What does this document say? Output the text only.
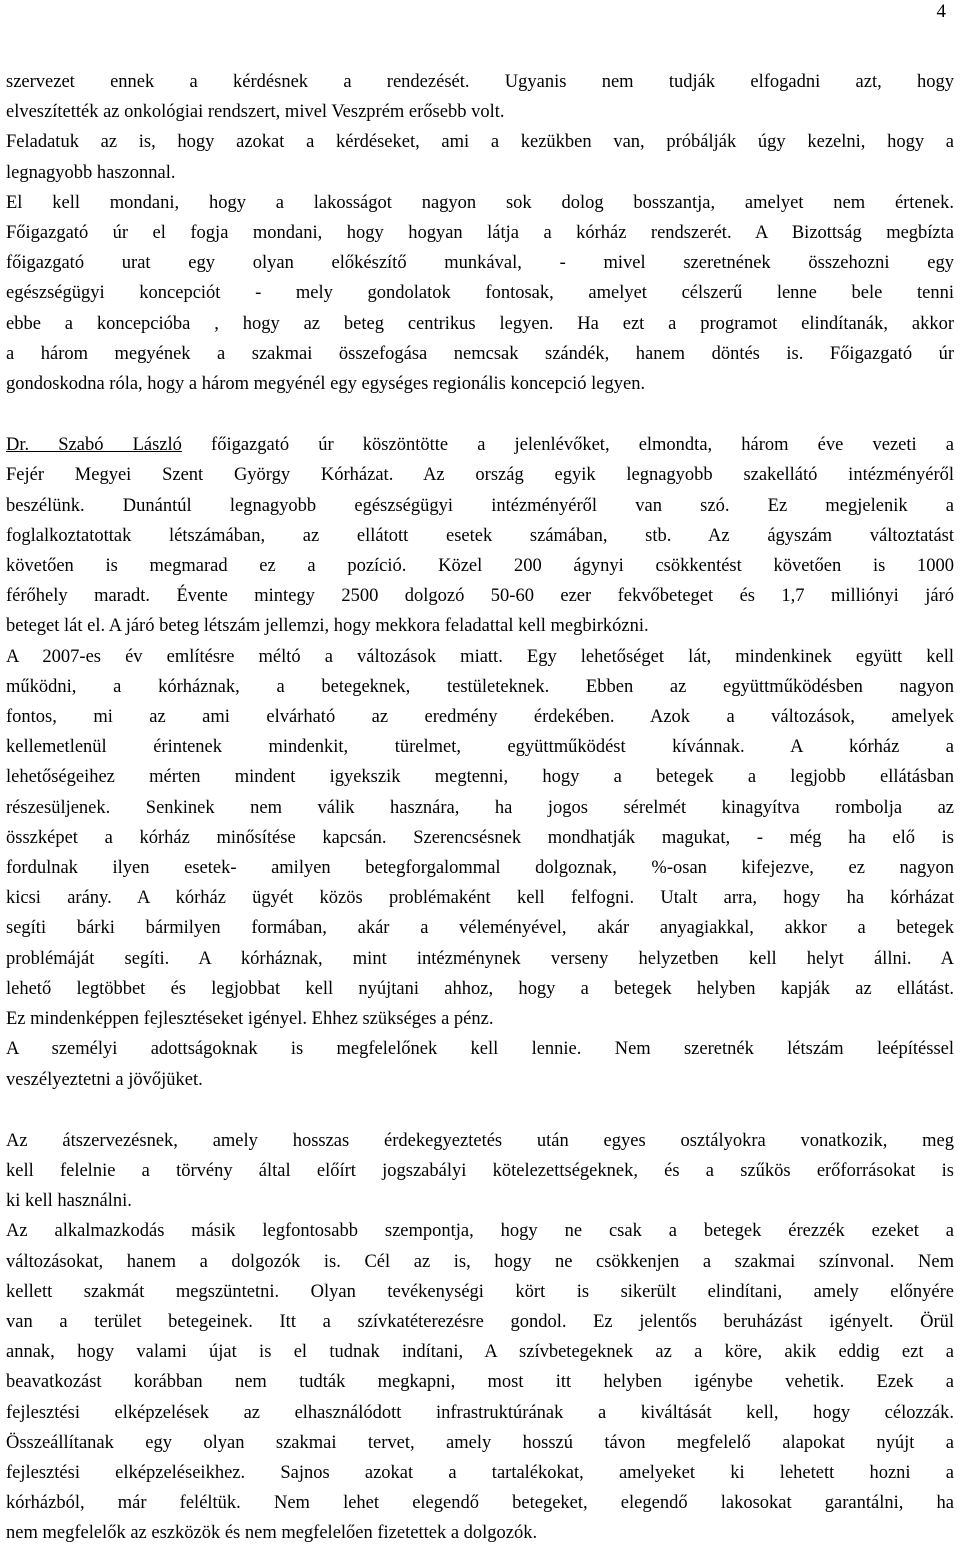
4
szervezet ennek a kérdésnek a rendezését. Ugyanis nem tudják elfogadni azt, hogy
elveszítették az onkológiai rendszert, mivel Veszprém erősebb volt.
Feladatuk az is, hogy azokat a kérdéseket, ami a kezükben van, próbálják úgy kezelni, hogy a
legnagyobb haszonnal.
El kell mondani, hogy a lakosságot nagyon sok dolog bosszantja, amelyet nem értenek.
Főigazgató úr el fogja mondani, hogy hogyan látja a kórház rendszerét. A Bizottság megbízta
főigazgató urat egy olyan előkészítő munkával, - mivel szeretnének összehozni egy
egészségügyi koncepciót - mely gondolatok fontosak, amelyet célszerű lenne bele tenni
ebbe a koncepcióba , hogy az beteg centrikus legyen. Ha ezt a programot elindítanák, akkor
a három megyének a szakmai összefogása nemcsak szándék, hanem döntés is. Főigazgató úr
gondoskodna róla, hogy a három megyénél egy egységes regionális koncepció legyen.
Dr. Szabó László főigazgató úr köszöntötte a jelenlévőket, elmondta, három éve vezeti a
Fejér Megyei Szent György Kórházat. Az ország egyik legnagyobb szakellátó intézményéről
beszélünk. Dunántúl legnagyobb egészségügyi intézményéről van szó. Ez megjelenik a
foglalkoztatottak létszámában, az ellátott esetek számában, stb. Az ágyszám változtatást
követően is megmarad ez a pozíció. Közel 200 ágynyi csökkentést követően is 1000
férőhely maradt. Évente mintegy 2500 dolgozó 50-60 ezer fekvőbeteget és 1,7 milliónyi járó
beteget lát el. A járó beteg létszám jellemzi, hogy mekkora feladattal kell megbirkózni.
A 2007-es év említésre méltó a változások miatt. Egy lehetőséget lát, mindenkinek együtt kell
működni, a kórháznak, a betegeknek, testületeknek. Ebben az együttműködésben nagyon
fontos, mi az ami elvárható az eredmény érdekében. Azok a változások, amelyek
kellemetlenül érintenek mindenkit, türelmet, együttműködést kívánnak. A kórház a
lehetőségeihez mérten mindent igyekszik megtenni, hogy a betegek a legjobb ellátásban
részesüljenek. Senkinek nem válik hasznára, ha jogos sérelmét kinagyítva rombolja az
összképet a kórház minősítése kapcsán. Szerencsésnek mondhatják magukat, - még ha elő is
fordulnak ilyen esetek- amilyen betegforgalommal dolgoznak, %-osan kifejezve, ez nagyon
kicsi arány. A kórház ügyét közös problémaként kell felfogni. Utalt arra, hogy ha kórházat
segíti bárki bármilyen formában, akár a véleményével, akár anyagiakkal, akkor a betegek
problémáját segíti. A kórháznak, mint intézménynek verseny helyzetben kell helyt állni. A
lehető legtöbbet és legjobbat kell nyújtani ahhoz, hogy a betegek helyben kapják az ellátást.
Ez mindenképpen fejlesztéseket igényel. Ehhez szükséges a pénz.
A személyi adottságoknak is megfelelőnek kell lennie. Nem szeretnék létszám leépítéssel
veszélyeztetni a jövőjüket.
Az átszervezésnek, amely hosszas érdekegyeztetés után egyes osztályokra vonatkozik, meg
kell felelnie a törvény által előírt jogszabályi kötelezettségeknek, és a szűkös erőforrásokat is
ki kell használni.
Az alkalmazkodás másik legfontosabb szempontja, hogy ne csak a betegek érezzék ezeket a
változásokat, hanem a dolgozók is. Cél az is, hogy ne csökkenjen a szakmai színvonal. Nem
kellett szakmát megszüntetni. Olyan tevékenységi kört is sikerült elindítani, amely előnyére
van a terület betegeinek. Itt a szívkatéterezésre gondol. Ez jelentős beruházást igényelt. Örül
annak, hogy valami újat is el tudnak indítani, A szívbetegeknek az a köre, akik eddig ezt a
beavatkozást korábban nem tudták megkapni, most itt helyben igénybe vehetik. Ezek a
fejlesztési elképzelések az elhasználódott infrastruktúrának a kiváltását kell, hogy célozzák.
Összeállítanak egy olyan szakmai tervet, amely hosszú távon megfelelő alapokat nyújt a
fejlesztési elképzeléseikhez. Sajnos azokat a tartalékokat, amelyeket ki lehetett hozni a
kórházból, már feléltük. Nem lehet elegendő betegeket, elegendő lakosokat garantálni, ha
nem megfelelők az eszközök és nem megfelelően fizetettek a dolgozók.
